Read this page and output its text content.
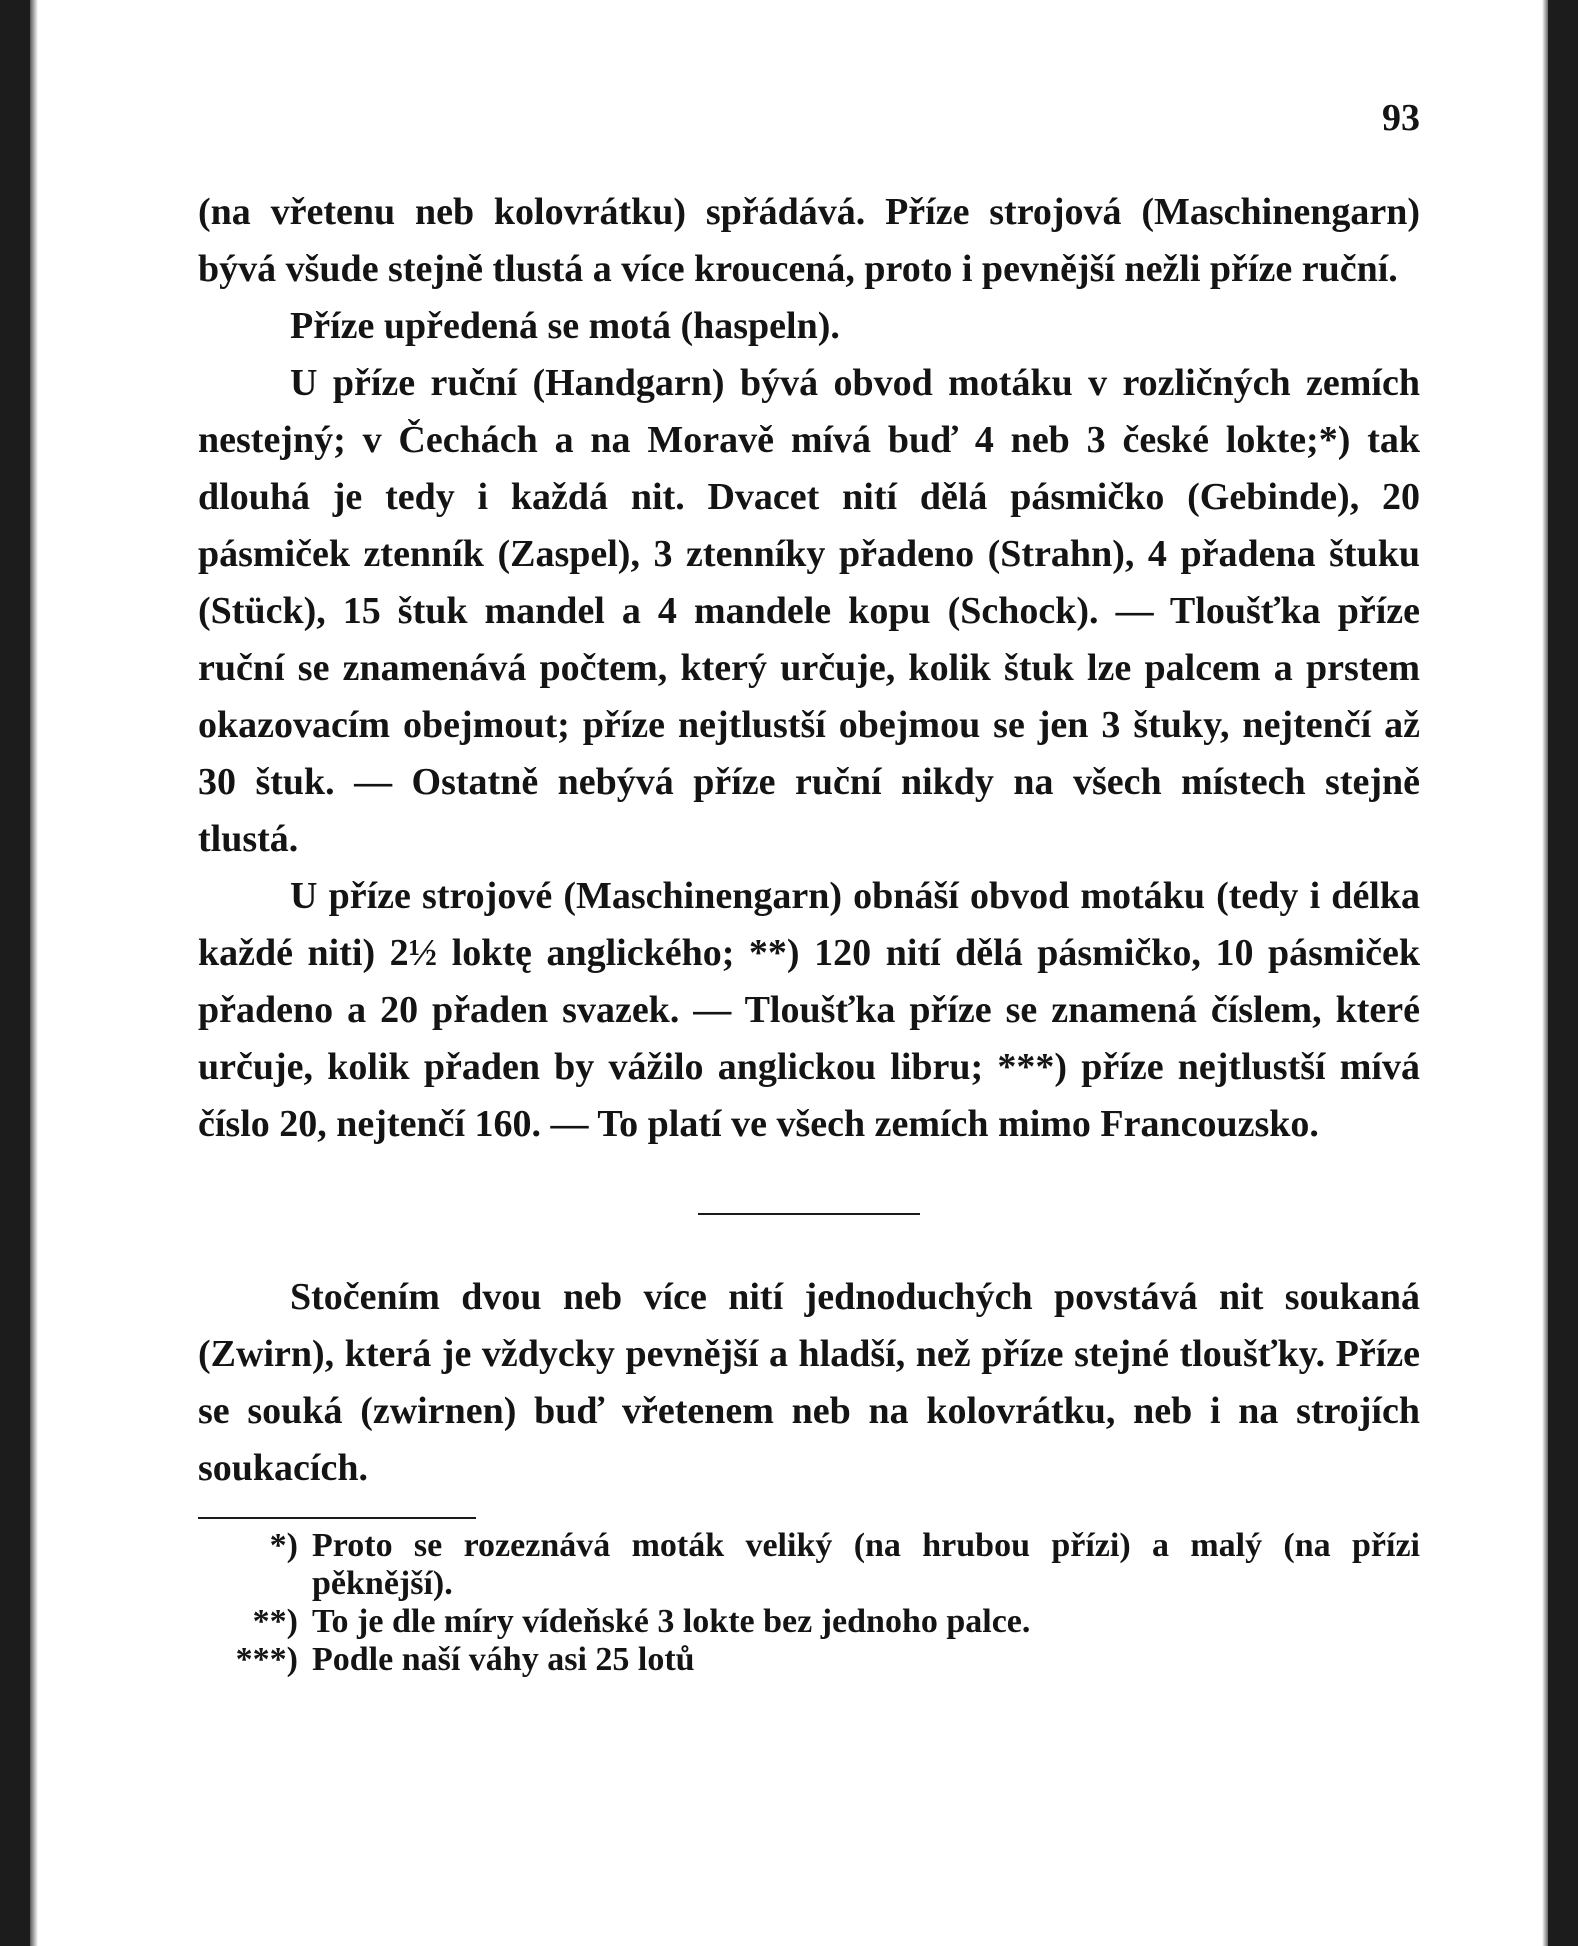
93

(na vřetenu neb kolovrátku) spřádává. Příze strojová (Maschinengarn) bývá všude stejně tlustá a více kroucená, proto i pevnější nežli příze ruční.

Příze upředená se motá (haspeln).

U příze ruční (Handgarn) bývá obvod motáku v rozličných zemích nestejný; v Čechách a na Moravě mívá buď 4 neb 3 české lokte;*) tak dlouhá je tedy i každá nit. Dvacet nití dělá pásmičko (Gebinde), 20 pásmiček ztenník (Zaspel), 3 ztenníky přadeno (Strahn), 4 přadena štuku (Stück), 15 štuk mandel a 4 mandele kopu (Schock). — Tloušťka příze ruční se znamenává počtem, který určuje, kolik štuk lze palcem a prstem okazovacím obejmout; příze nejtlustší obejmou se jen 3 štuky, nejtenčí až 30 štuk. — Ostatně nebývá příze ruční nikdy na všech místech stejně tlustá.

U příze strojové (Maschinengarn) obnáší obvod motáku (tedy i délka každé niti) 2½ loktę anglického; **) 120 nití dělá pásmičko, 10 pásmiček přadeno a 20 přaden svazek. — Tloušťka příze se znamená číslem, které určuje, kolik přaden by vážilo anglickou libru; ***) příze nejtlustší mívá číslo 20, nejtenčí 160. — To platí ve všech zemích mimo Francouzsko.

Stočením dvou neb více nití jednoduchých povstává nit soukaná (Zwirn), která je vždycky pevnější a hladší, než příze stejné tloušťky. Příze se souká (zwirnen) buď vřetenem neb na kolovrátku, neb i na strojích soukacích.

*) Proto se rozeznává moták veliký (na hrubou přízi) a malý (na přízi pěknější).
**) To je dle míry vídeňské 3 lokte bez jednoho palce.
***) Podle naší váhy asi 25 lotů
